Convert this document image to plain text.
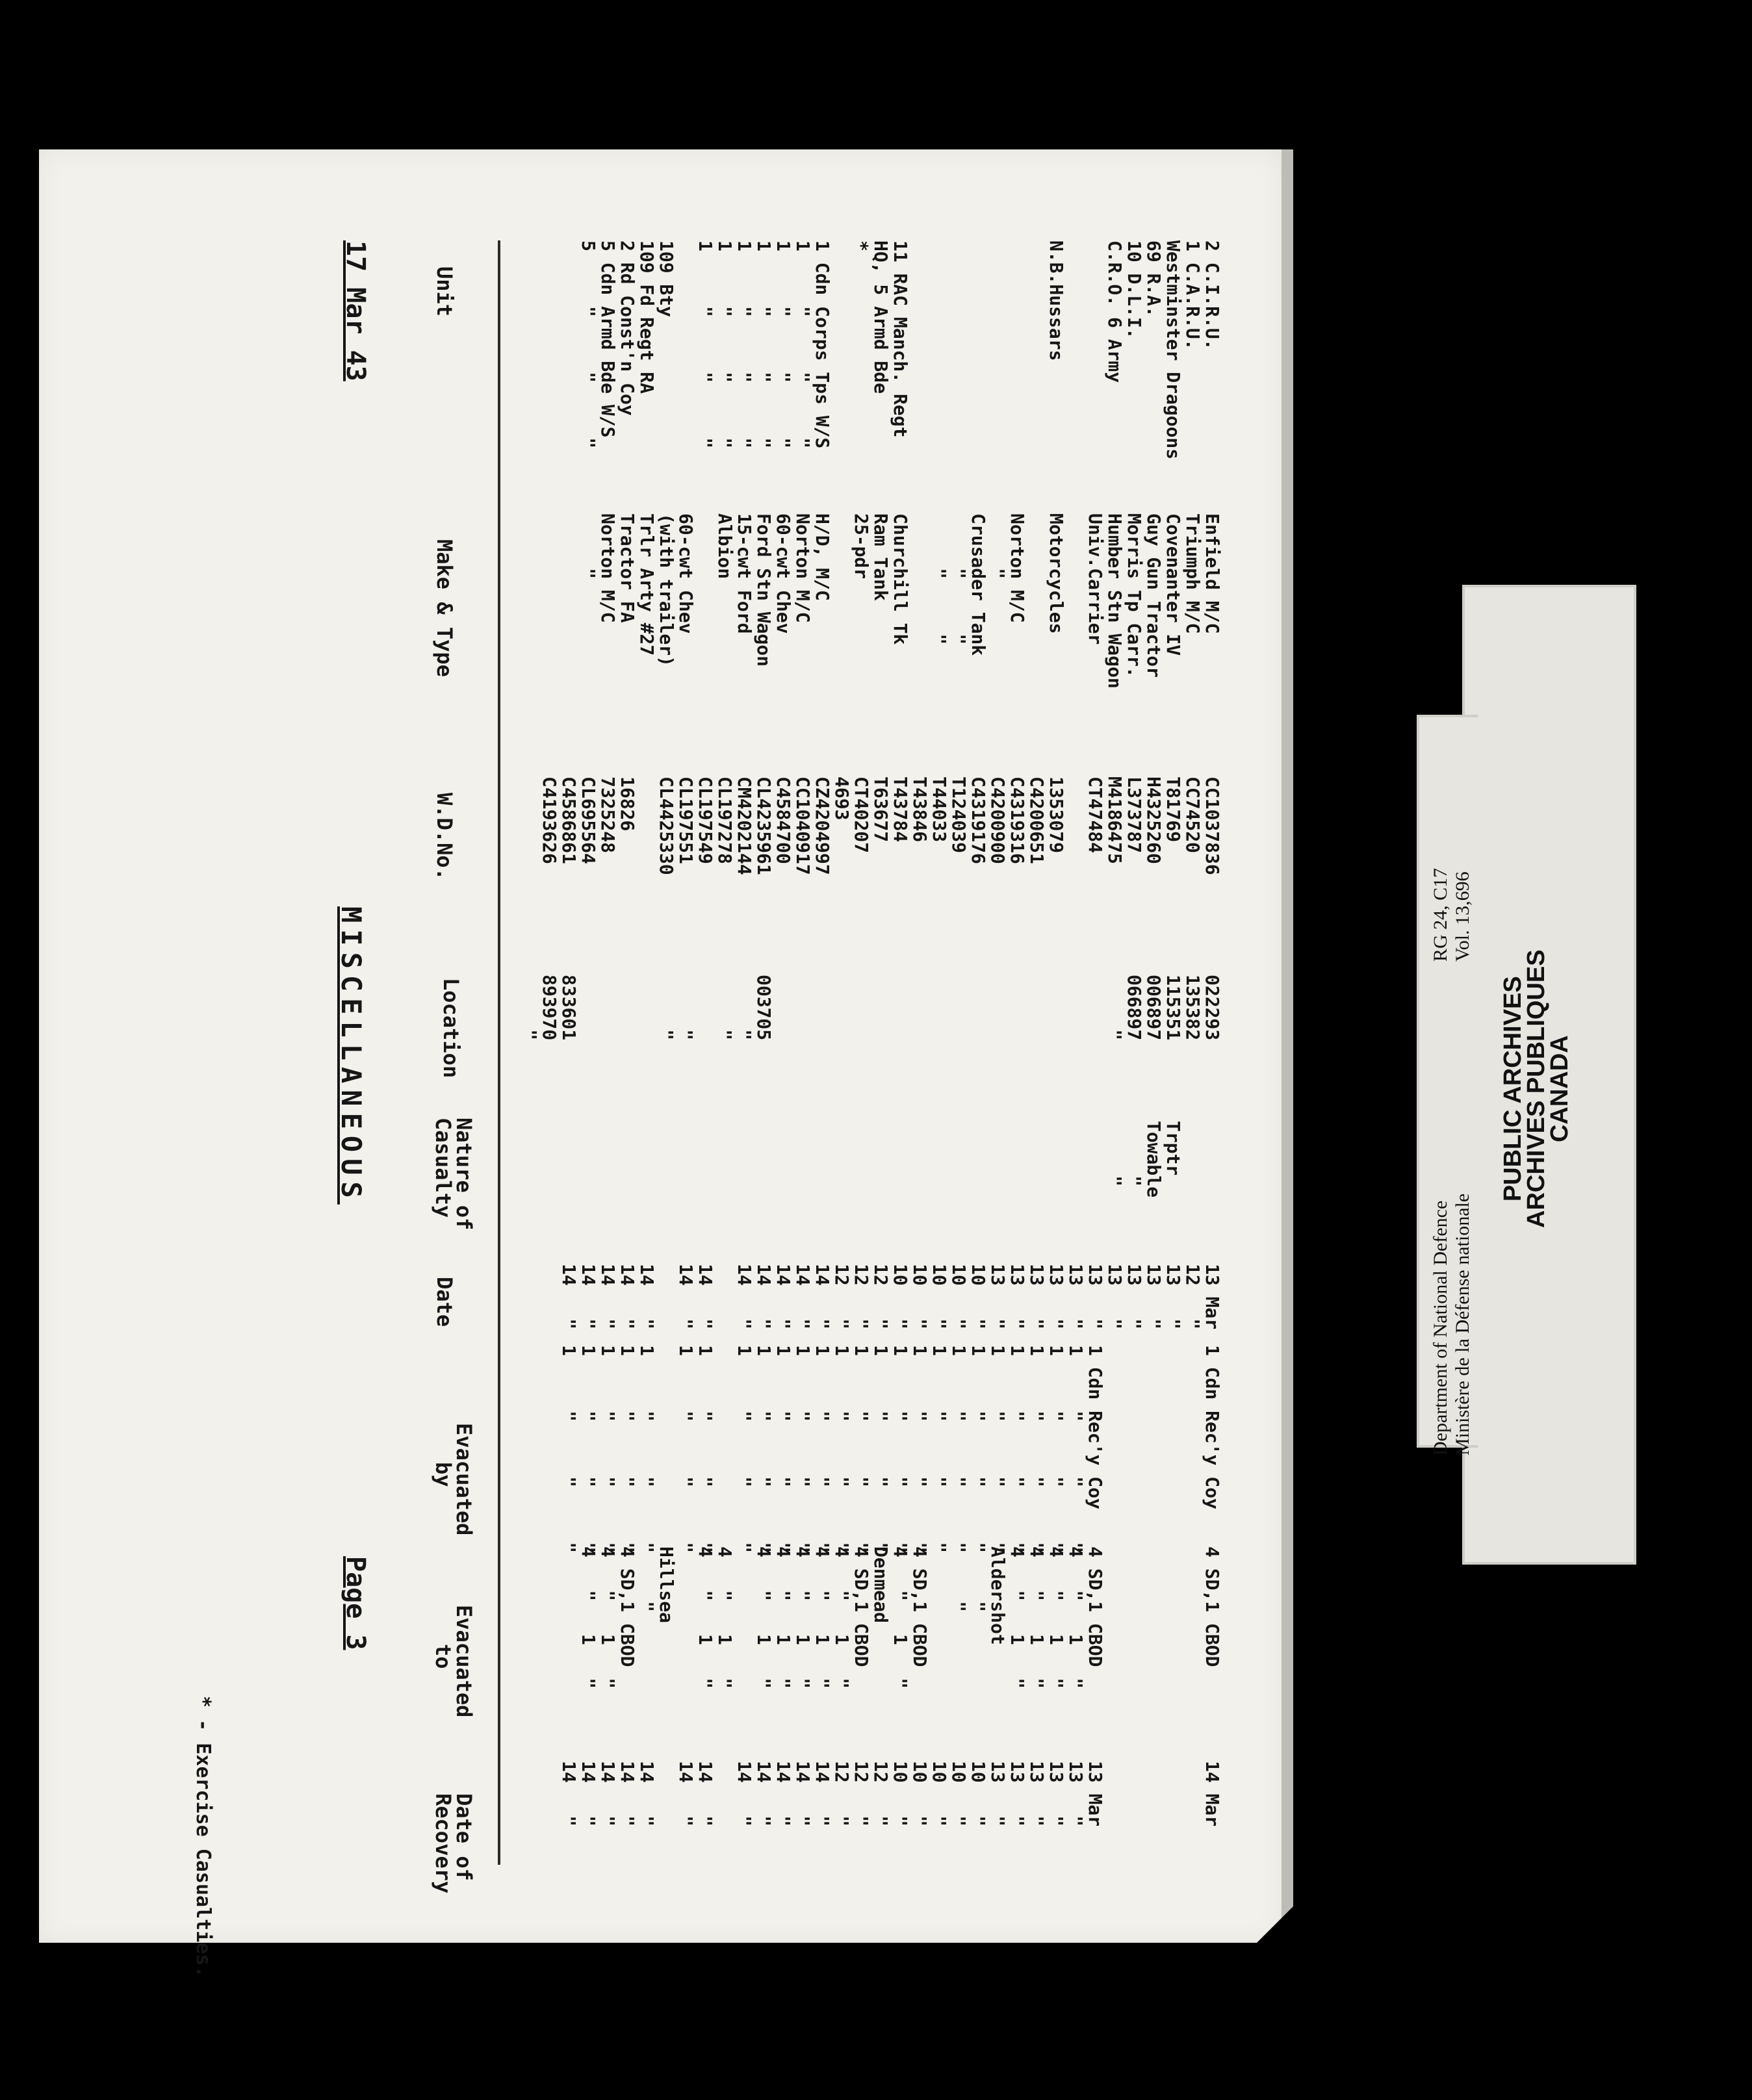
17 Mar 43
MISCELLANEOUS
Page 3
Unit
Make & Type
W.D.No.
Location
Nature of
Casualty
Date
Evacuated
by
Evacuated
to
Date of
Recovery
2 C.I.R.U.
1 C.A.R.U.
Westminster Dragoons
69 R.A.
10 D.L.I.
C.R.O. 6 Army

N.B.Hussars

11 RAC Manch. Regt
HQ, 5 Armd Bde
*

1 Cdn Corps Tps W/S
1     "     "     "
1     "     "     "
1     "     "     "
1     "     "     "
1     "     "     "
1     "     "     "

109 Bty
109 Fd Regt RA
2 Rd Const'n Coy
5 Cdn Armd Bde W/S
5     "     "     "
Enfield M/C
Triumph M/C
Covenanter IV
Guy Gun Tractor
Morris Tp Carr.
Humber Stn Wagon
Univ.Carrier

Motorcycles

Norton M/C
"
Crusader Tank
"     "
"     "

Churchill Tk
Ram Tank
25-pdr

H/D, M/C
Norton M/C
60-cwt Chev
Ford Stn Wagon
15-cwt Ford
Albion

60-cwt Chev
(with trailer)
Trlr Arty #27
Tractor FA
Norton M/C
"
CC1037836
CC74520
T81769
H4325260
L373787
M4186475
CT47484

1353079
C4200651
C4319316
C4200900
C4319176
T124039
T44033
T43846
T43784
T63677
CT40207
4693
CZ4204997
CC1040917
C4584700
CL4235961
CM4202144
CL197278
CL197549
CL197551
CL4425330

16826
7325248
CL695564
C4586861
C4193626
022293
135382
115351
006897
066897
"

003705
"
"

"
"

833601
893970
"

Trptr
Towable
"
"
13 Mar
12   "
13   "
13   "
13   "
13   "
13   "
13   "
13   "
13   "
13   "
13   "
10   "
10   "
10   "
10   "
10   "
12   "
12   "
12   "
14   "
14   "
14   "
14   "
14   "

14   "
14   "

14   "
14   "
14   "
14   "
14   "
1 Cdn Rec'y Coy

1 Cdn Rec'y Coy
1     "     "     "
1     "     "     "
1     "     "     "
1     "     "     "
1     "     "     "
1     "     "     "
1     "     "     "
1     "     "     "
1     "     "     "
1     "     "     "
1     "     "     "
1     "     "     "
1     "     "     "
1     "     "     "
1     "     "     "
1     "     "     "
1     "     "     "
1     "     "     "

1     "     "     "
1     "     "     "

1     "     "     "
1     "     "     "
1     "     "     "
1     "     "     "
1     "     "     "	4 SD,1 CBOD

4 SD,1 CBOD
4   "   1   "
4   "   1   "
4   "   1   "
4   "   1   "
Aldershot
"
"

4 SD,1 CBOD
4   "   1   "
Denmead
4 SD,1 CBOD
4   "   1   "
4   "   1   "
4   "   1   "
4   "   1   "
4   "   1   "

4   "   1   "
4   "   1   "

Hillsea
"
4 SD,1 CBOD
4   "   1   "
4   "   1   "
14 Mar

13 Mar
13   "
13   "
13   "
13   "
13   "
10   "
10   "
10   "
10   "
10   "
12   "
12   "
12   "
14   "
14   "
14   "
14   "
14   "

14   "
14   "

14   "
14   "
14   "
14   "
14   "
* - Exercise Casualties.
Department of National Defence Ministère de la Défense nationale
RG 24, C17 Vol. 13,696
PUBLIC ARCHIVES
ARCHIVES PUBLIQUES
CANADA
